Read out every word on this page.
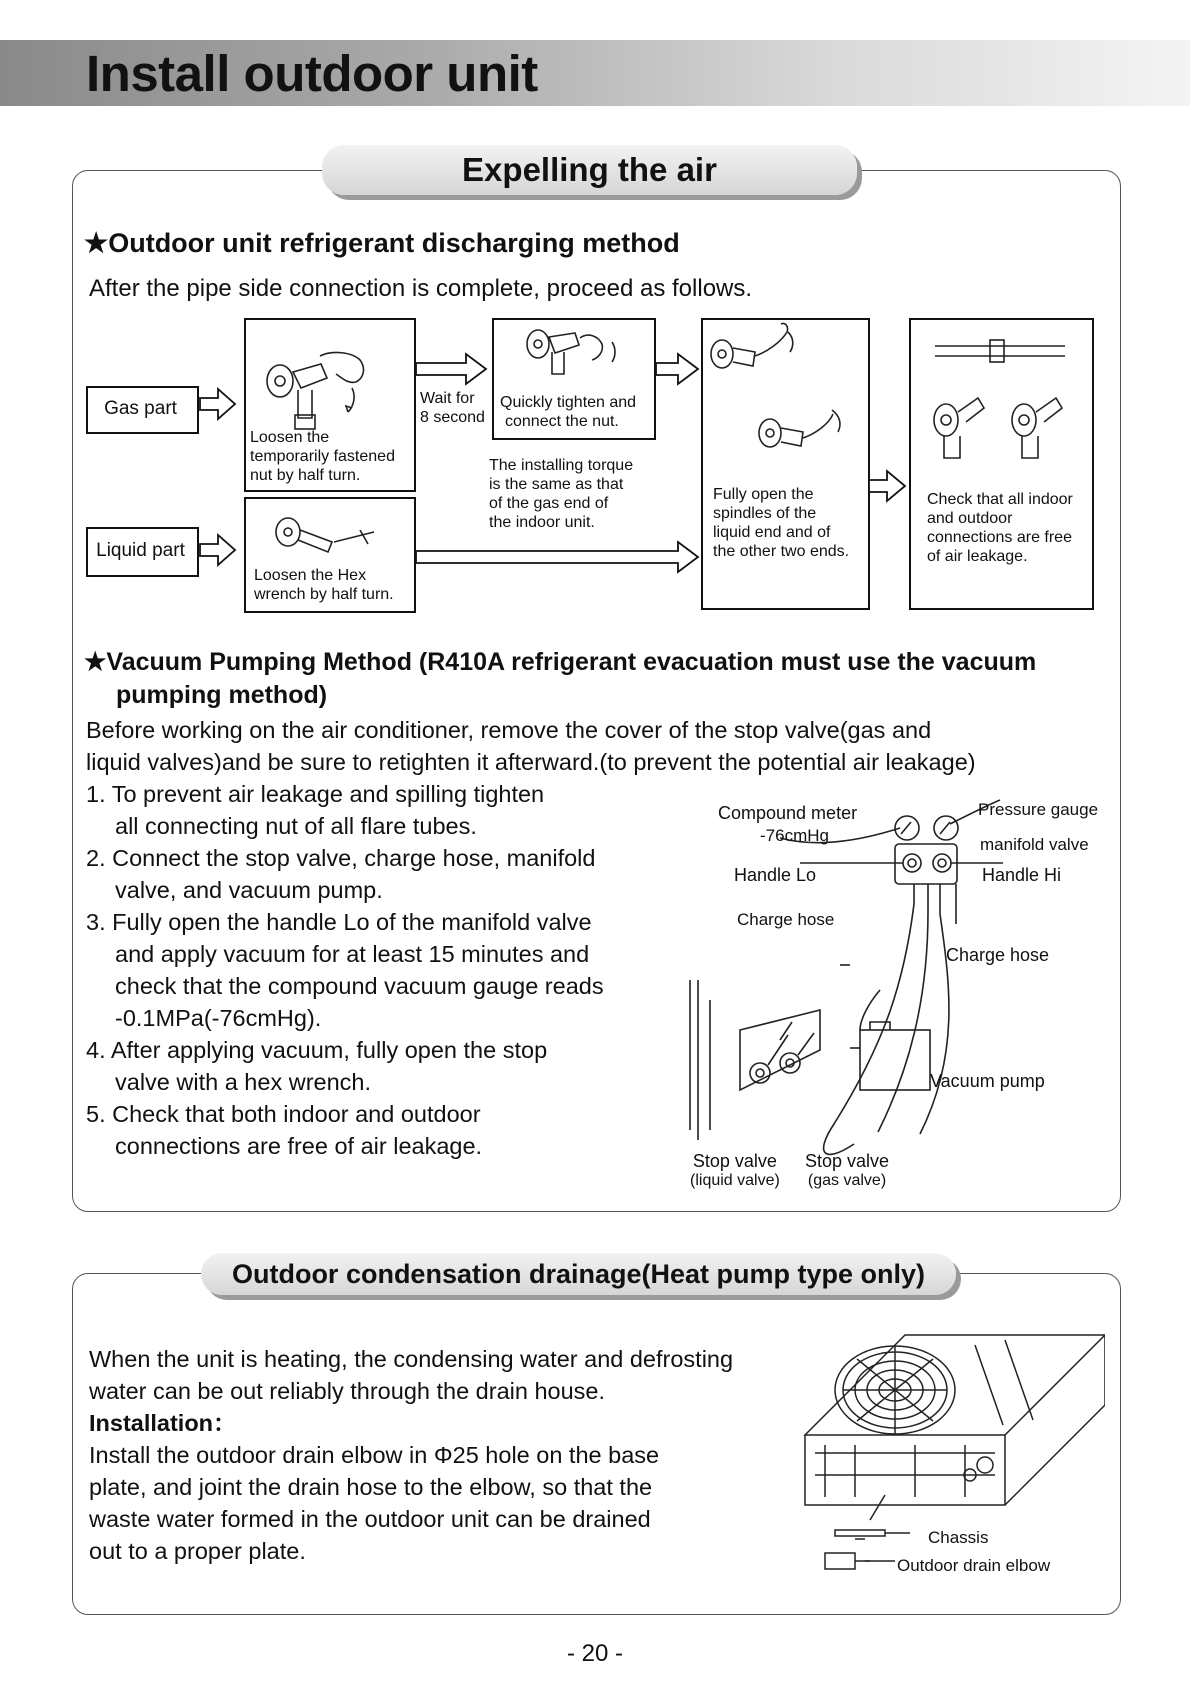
Install outdoor unit
Expelling the air
★Outdoor unit refrigerant discharging method
After the pipe side connection is complete, proceed as follows.
Gas part
Liquid part
Loosen the
temporarily fastened
nut by half turn.
Wait for
8 second
Quickly tighten and
connect the nut.
The installing torque
is the same as that
of the gas end of
the indoor unit.
Loosen the Hex
wrench by half turn.
Fully open the
spindles of the
liquid end and of
the other two ends.
Check that all indoor
and outdoor
connections are free
of air leakage.
★Vacuum Pumping Method (R410A refrigerant evacuation must use the vacuum
pumping method)
Before working on the air conditioner, remove the cover of the stop valve(gas and
liquid valves)and be sure to retighten it afterward.(to prevent the potential air leakage)
1. To prevent air leakage and spilling tighten
all connecting nut of all flare tubes.
2. Connect the stop valve, charge hose, manifold
valve, and vacuum pump.
3. Fully open the handle Lo of the manifold valve
and apply vacuum for at least 15 minutes and
check that the compound vacuum gauge reads
-0.1MPa(-76cmHg).
4. After applying vacuum, fully open the stop
valve with a hex wrench.
5. Check that both indoor and outdoor
connections are free of air leakage.
Compound meter
-76cmHg
Pressure gauge
manifold valve
Handle Lo	Handle Hi
Charge hose
Charge hose
Vacuum pump
Stop valve
(liquid valve)
Stop valve
(gas valve)
Outdoor condensation drainage(Heat pump type only)
When the unit is heating, the condensing water and defrosting
water can be out reliably through the drain house.
Installation：
Install the outdoor drain elbow in Φ25 hole on the base
plate, and joint the drain hose to the elbow, so that the
waste water formed in the outdoor unit can be drained
out to a proper plate.
Chassis
Outdoor drain elbow
- 20 -
